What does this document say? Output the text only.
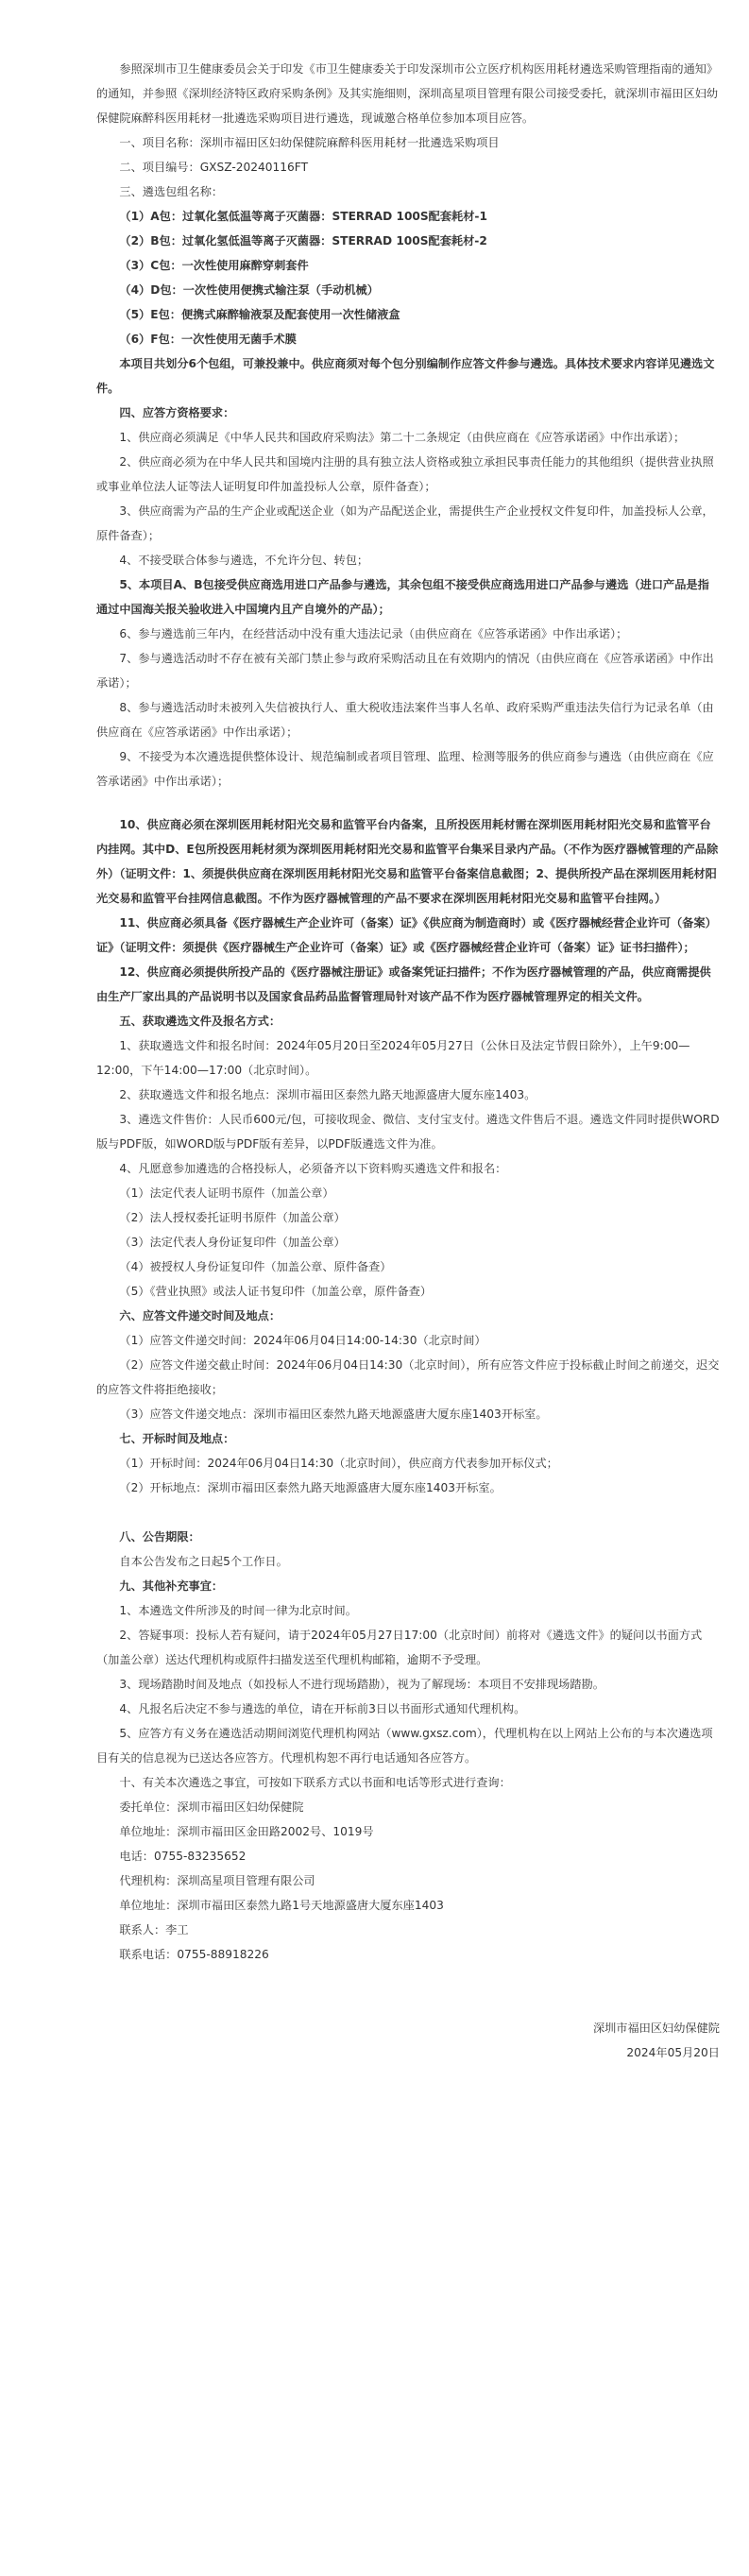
参照深圳市卫生健康委员会关于印发《市卫生健康委关于印发深圳市公立医疗机构医用耗材遴选采购管理指南的通知》的通知，并参照《深圳经济特区政府采购条例》及其实施细则，深圳高星项目管理有限公司接受委托，就深圳市福田区妇幼保健院麻醉科医用耗材一批遴选采购项目进行遴选，现诚邀合格单位参加本项目应答。

一、项目名称：深圳市福田区妇幼保健院麻醉科医用耗材一批遴选采购项目

二、项目编号：GXSZ-20240116FT

三、遴选包组名称：

（1）A包：过氧化氢低温等离子灭菌器：STERRAD 100S配套耗材-1

（2）B包：过氧化氢低温等离子灭菌器：STERRAD 100S配套耗材-2

（3）C包：一次性使用麻醉穿刺套件

（4）D包：一次性使用便携式输注泵（手动机械）

（5）E包：便携式麻醉输液泵及配套使用一次性储液盒

（6）F包：一次性使用无菌手术膜

本项目共划分6个包组，可兼投兼中。供应商须对每个包分别编制作应答文件参与遴选。具体技术要求内容详见遴选文件。

四、应答方资格要求：

1、供应商必须满足《中华人民共和国政府采购法》第二十二条规定（由供应商在《应答承诺函》中作出承诺）；

2、供应商必须为在中华人民共和国境内注册的具有独立法人资格或独立承担民事责任能力的其他组织（提供营业执照或事业单位法人证等法人证明复印件加盖投标人公章，原件备查）；

3、供应商需为产品的生产企业或配送企业（如为产品配送企业，需提供生产企业授权文件复印件，加盖投标人公章，原件备查）；

4、不接受联合体参与遴选，不允许分包、转包；

5、本项目A、B包接受供应商选用进口产品参与遴选，其余包组不接受供应商选用进口产品参与遴选（进口产品是指通过中国海关报关验收进入中国境内且产自境外的产品）；

6、参与遴选前三年内，在经营活动中没有重大违法记录（由供应商在《应答承诺函》中作出承诺）；

7、参与遴选活动时不存在被有关部门禁止参与政府采购活动且在有效期内的情况（由供应商在《应答承诺函》中作出承诺）；

8、参与遴选活动时未被列入失信被执行人、重大税收违法案件当事人名单、政府采购严重违法失信行为记录名单（由供应商在《应答承诺函》中作出承诺）；

9、不接受为本次遴选提供整体设计、规范编制或者项目管理、监理、检测等服务的供应商参与遴选（由供应商在《应答承诺函》中作出承诺）；

10、供应商必须在深圳医用耗材阳光交易和监管平台内备案，且所投医用耗材需在深圳医用耗材阳光交易和监管平台内挂网。其中D、E包所投医用耗材须为深圳医用耗材阳光交易和监管平台集采目录内产品。（不作为医疗器械管理的产品除外）（证明文件：1、须提供供应商在深圳医用耗材阳光交易和监管平台备案信息截图；2、提供所投产品在深圳医用耗材阳光交易和监管平台挂网信息截图。不作为医疗器械管理的产品不要求在深圳医用耗材阳光交易和监管平台挂网。）

11、供应商必须具备《医疗器械生产企业许可（备案）证》《供应商为制造商时）或《医疗器械经营企业许可（备案）证》（证明文件：须提供《医疗器械生产企业许可（备案）证》或《医疗器械经营企业许可（备案）证》证书扫描件）；

12、供应商必须提供所投产品的《医疗器械注册证》或备案凭证扫描件；不作为医疗器械管理的产品，供应商需提供由生产厂家出具的产品说明书以及国家食品药品监督管理局针对该产品不作为医疗器械管理界定的相关文件。

五、获取遴选文件及报名方式：

1、获取遴选文件和报名时间：2024年05月20日至2024年05月27日（公休日及法定节假日除外），上午9:00—12:00，下午14:00—17:00（北京时间）。

2、获取遴选文件和报名地点：深圳市福田区泰然九路天地源盛唐大厦东座1403。

3、遴选文件售价：人民币600元/包，可接收现金、微信、支付宝支付。遴选文件售后不退。遴选文件同时提供WORD版与PDF版，如WORD版与PDF版有差异，以PDF版遴选文件为准。

4、凡愿意参加遴选的合格投标人，必须备齐以下资料购买遴选文件和报名：

（1）法定代表人证明书原件（加盖公章）

（2）法人授权委托证明书原件（加盖公章）

（3）法定代表人身份证复印件（加盖公章）

（4）被授权人身份证复印件（加盖公章、原件备查）

（5）《营业执照》或法人证书复印件（加盖公章，原件备查）

六、应答文件递交时间及地点：

（1）应答文件递交时间：2024年06月04日14:00-14:30（北京时间）

（2）应答文件递交截止时间：2024年06月04日14:30（北京时间），所有应答文件应于投标截止时间之前递交，迟交的应答文件将拒绝接收；

（3）应答文件递交地点：深圳市福田区泰然九路天地源盛唐大厦东座1403开标室。

七、开标时间及地点：

（1）开标时间：2024年06月04日14:30（北京时间），供应商方代表参加开标仪式；

（2）开标地点：深圳市福田区泰然九路天地源盛唐大厦东座1403开标室。

八、公告期限：

自本公告发布之日起5个工作日。

九、其他补充事宜：

1、本遴选文件所涉及的时间一律为北京时间。

2、答疑事项：投标人若有疑问，请于2024年05月27日17:00（北京时间）前将对《遴选文件》的疑问以书面方式（加盖公章）送达代理机构或原件扫描发送至代理机构邮箱，逾期不予受理。

3、现场踏勘时间及地点（如投标人不进行现场踏勘），视为了解现场：本项目不安排现场踏勘。

4、凡报名后决定不参与遴选的单位，请在开标前3日以书面形式通知代理机构。

5、应答方有义务在遴选活动期间浏览代理机构网站（www.gxsz.com），代理机构在以上网站上公布的与本次遴选项目有关的信息视为已送达各应答方。代理机构恕不再行电话通知各应答方。

十、有关本次遴选之事宜，可按如下联系方式以书面和电话等形式进行查询：

委托单位：深圳市福田区妇幼保健院

单位地址：深圳市福田区金田路2002号、1019号

电话：0755-83235652

代理机构：深圳高星项目管理有限公司

单位地址：深圳市福田区泰然九路1号天地源盛唐大厦东座1403

联系人：李工

联系电话：0755-88918226

深圳市福田区妇幼保健院

2024年05月20日
